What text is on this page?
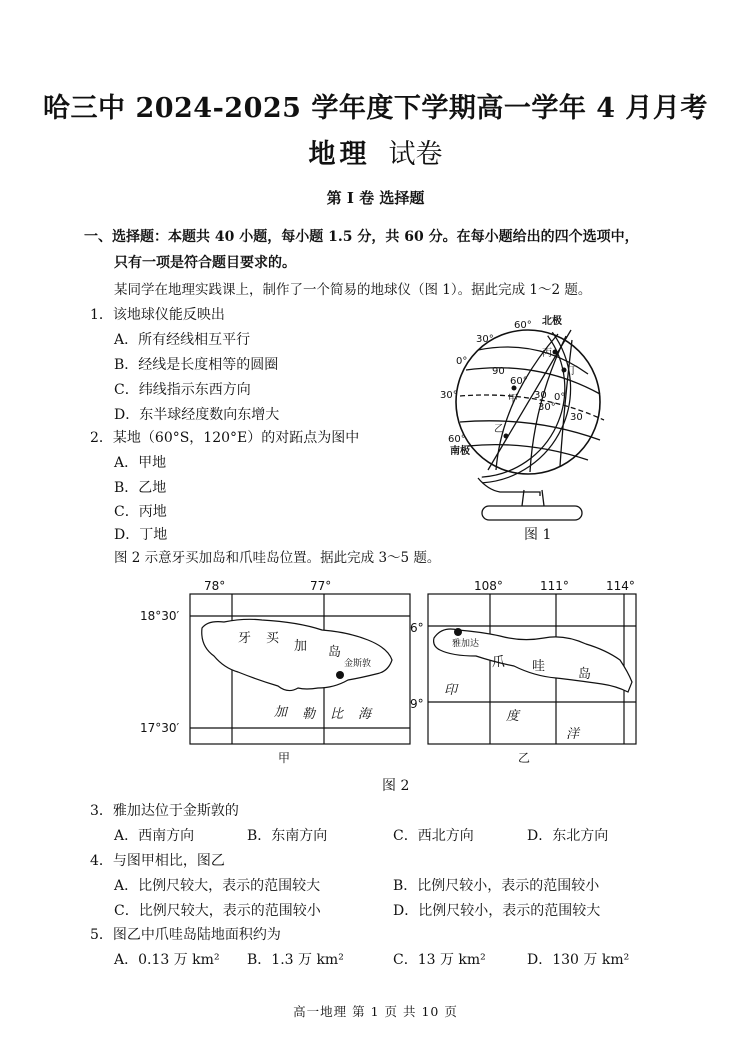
哈三中 2024-2025 学年度下学期高一学年 4 月月考
地理 试卷
第 I 卷 选择题
一、选择题：本题共 40 小题，每小题 1.5 分，共 60 分。在每小题给出的四个选项中，
只有一项是符合题目要求的。
某同学在地理实践课上，制作了一个简易的地球仪（图 1）。据此完成 1～2 题。
1．该地球仪能反映出
A．所有经线相互平行
B．经线是长度相等的圆圈
C．纬线指示东西方向
D．东半球经度数向东增大
2．某地（60°S，120°E）的对跖点为图中
A．甲地
B．乙地
C．丙地
D．丁地
北极
60°
30°
0°
30°
60°
南极
90
60°
30 0°
30°
30
丙
丁
甲
乙
图 1
图 2 示意牙买加岛和爪哇岛位置。据此完成 3～5 题。
78°	77°
18°30′
17°30′
牙 买
加 岛
加 勒 比 海
金斯敦
甲
108°	111°	114°
6°
9°
雅加达
爪 哇
岛
印
度
洋
乙
图 2
3．雅加达位于金斯敦的
A．西南方向	B．东南方向	C．西北方向	D．东北方向
4．与图甲相比，图乙
A．比例尺较大，表示的范围较大	B．比例尺较小，表示的范围较小
C．比例尺较大，表示的范围较小	D．比例尺较小，表示的范围较大
5．图乙中爪哇岛陆地面积约为
A．0.13 万 km² B．1.3 万 km²	C．13 万 km²	D．130 万 km²
高一地理 第 1 页 共 10 页
